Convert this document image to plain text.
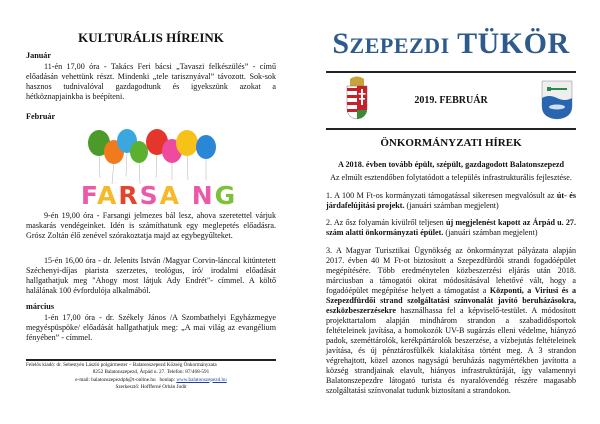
KULTURÁLIS HÍREINK
Január

11-én 17,00 óra - Takács Feri bácsi „Tavaszi felkészülés” - című előadásán vehettünk részt. Mindenki „tele tarisznyával” távozott. Sok-sok hasznos tudnivalóval gazdagodtunk és igyekszünk azokat a hétköznapjainkba is beépíteni.

Február
FARSA NG

9-én 19,00 óra - Farsangi jelmezes bál lesz, ahova szeretettel várjuk maskarás vendégeinket. Idén is számíthatunk egy meglepetés előadásra. Grósz Zoltán élő zenével szórakoztatja majd az egybegyűlteket.

15-én 16,00 óra - dr. Jelenits István /Magyar Corvin-lánccal kitüntetett Széchenyi-díjas piarista szerzetes, teológus, író/ irodalmi előadását hallgathatjuk meg "Ahogy most látjuk Ady Endrét"- címmel. A költő halálának 100 évfordulója alkalmából.

március

1-én 17,00 óra - dr. Székely János /A Szombathelyi Egyházmegye megyéspüspöke/ előadását hallgathatjuk meg: „A mai világ az evangélium fényében” - címmel.

Felelős kiadó: dr. Sebestyén László polgármester – Balatonszepezd Község Önkormányzata
8252 Balatonszepezd, Árpád u. 27. Telefon: 87/468-591
e-mail: balatonszepezdph@t-online.hu honlap: www.balatonszepezd.hu
Szerkesztő: Hoffferné Orbán Judit
SZEPEZDI TÜKÖR
2019. FEBRUÁR
ÖNKORMÁNYZATI HÍREK
A 2018. évben tovább épült, szépült, gazdagodott Balatonszepezd

Az elmúlt esztendőben folytatódott a település infrastrukturális fejlesztése.

1. A 100 M Ft-os kormányzati támogatással sikeresen megvalósult az út- és járdafelújítási projekt. (januári számban megjelent)

2. Az ősz folyamán kívülről teljesen új megjelenést kapott az Árpád u. 27. szám alatti önkormányzati épület. (januári számban megjelent)

3. A Magyar Turisztikai Ügynökség az önkormányzat pályázata alapján 2017. évben 40 M Ft-ot biztosított a Szepezdfürdői strandi fogadóépület megépítésére. Több eredménytelen közbeszerzési eljárás után 2018. márciusban a támogatói okirat módosításával lehetővé vált, hogy a fogadóépület megépítése helyett a támogatást a Központi, a Viriusi és a Szepezdfürdői strand szolgáltatási színvonalát javító beruházásokra, eszközbeszerzésekre használhassa fel a képviselő-testület. A módosított projekttartalom alapján mindhárom strandon a szabadidősportok feltételeinek javítása, a homokozók UV-B sugárzás elleni védelme, hiányzó padok, szeméttárolók, kerékpártárolók beszerzése, a vízbejutás feltételeinek javítása, és új pénztárosfülkék kialakítása történt meg. A 3 strandon végrehajtott, közel azonos nagyságú beruházás nagymértékben javította a község strandjainak elavult, hiányos infrastruktúráját, így valamennyi Balatonszepezdre látogató turista és nyaralóvendég részére magasabb szolgáltatási színvonalat tudunk biztosítani a strandokon.
